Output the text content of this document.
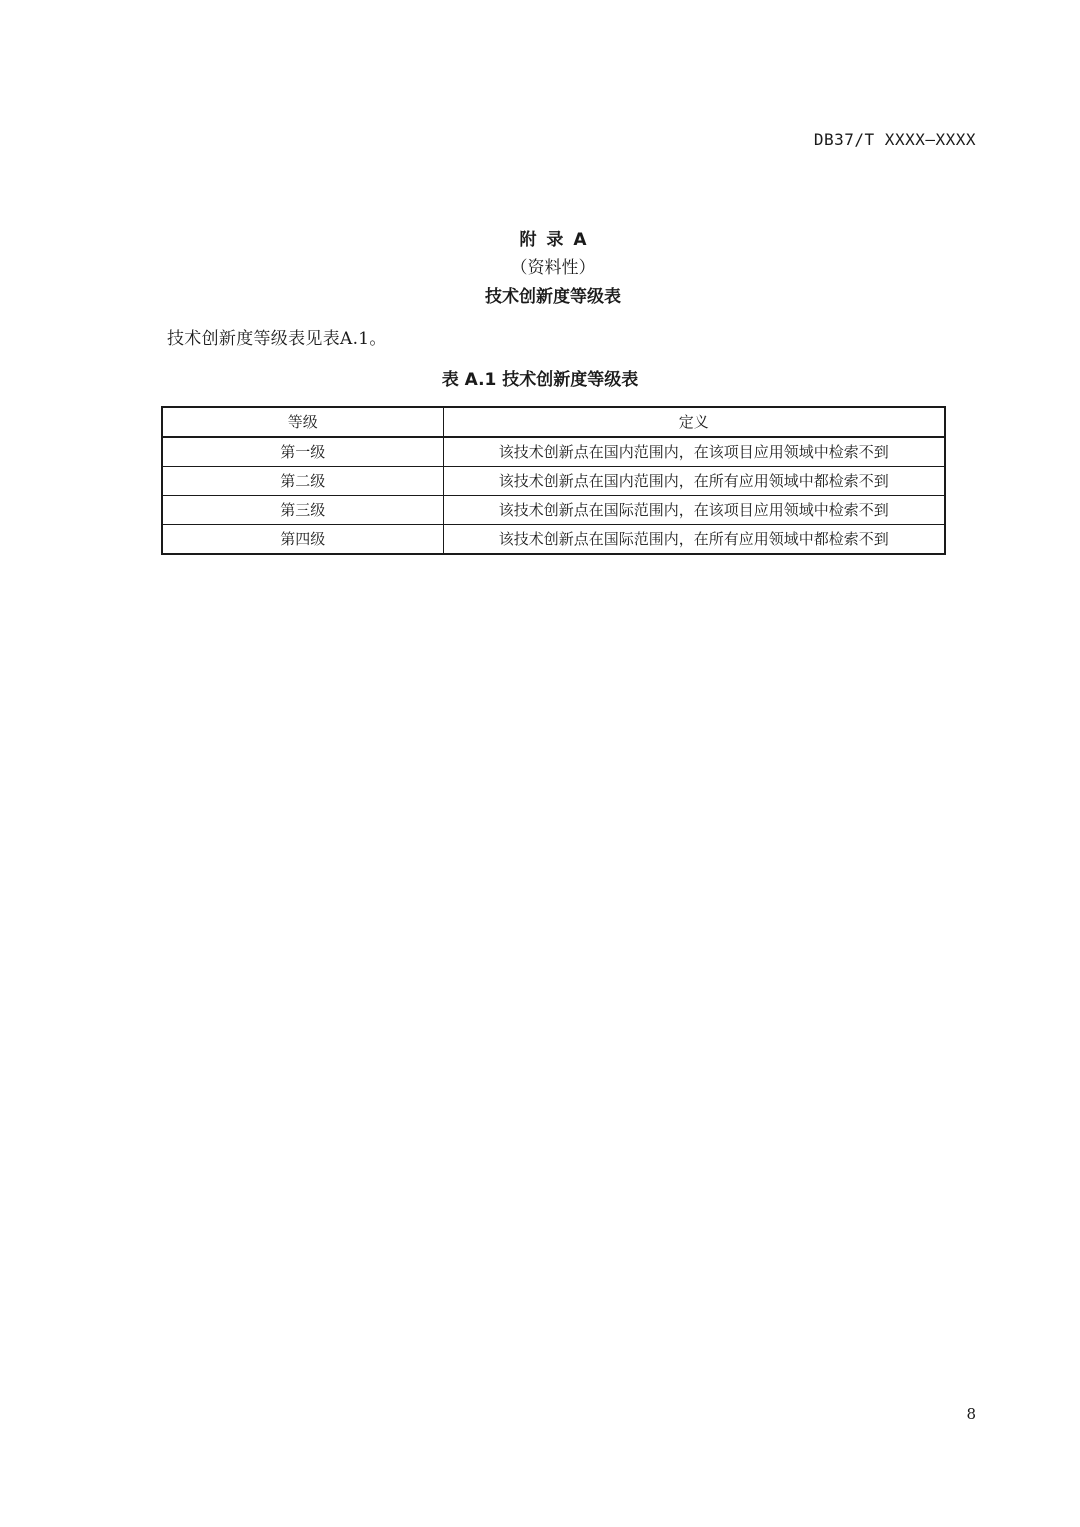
DB37/T XXXX—XXXX
附 录 A
（资料性）
技术创新度等级表
技术创新度等级表见表A.1。
表 A.1 技术创新度等级表
等级	定义
第一级	该技术创新点在国内范围内，在该项目应用领域中检索不到
第二级	该技术创新点在国内范围内，在所有应用领域中都检索不到
第三级	该技术创新点在国际范围内，在该项目应用领域中检索不到
第四级	该技术创新点在国际范围内，在所有应用领域中都检索不到
8
